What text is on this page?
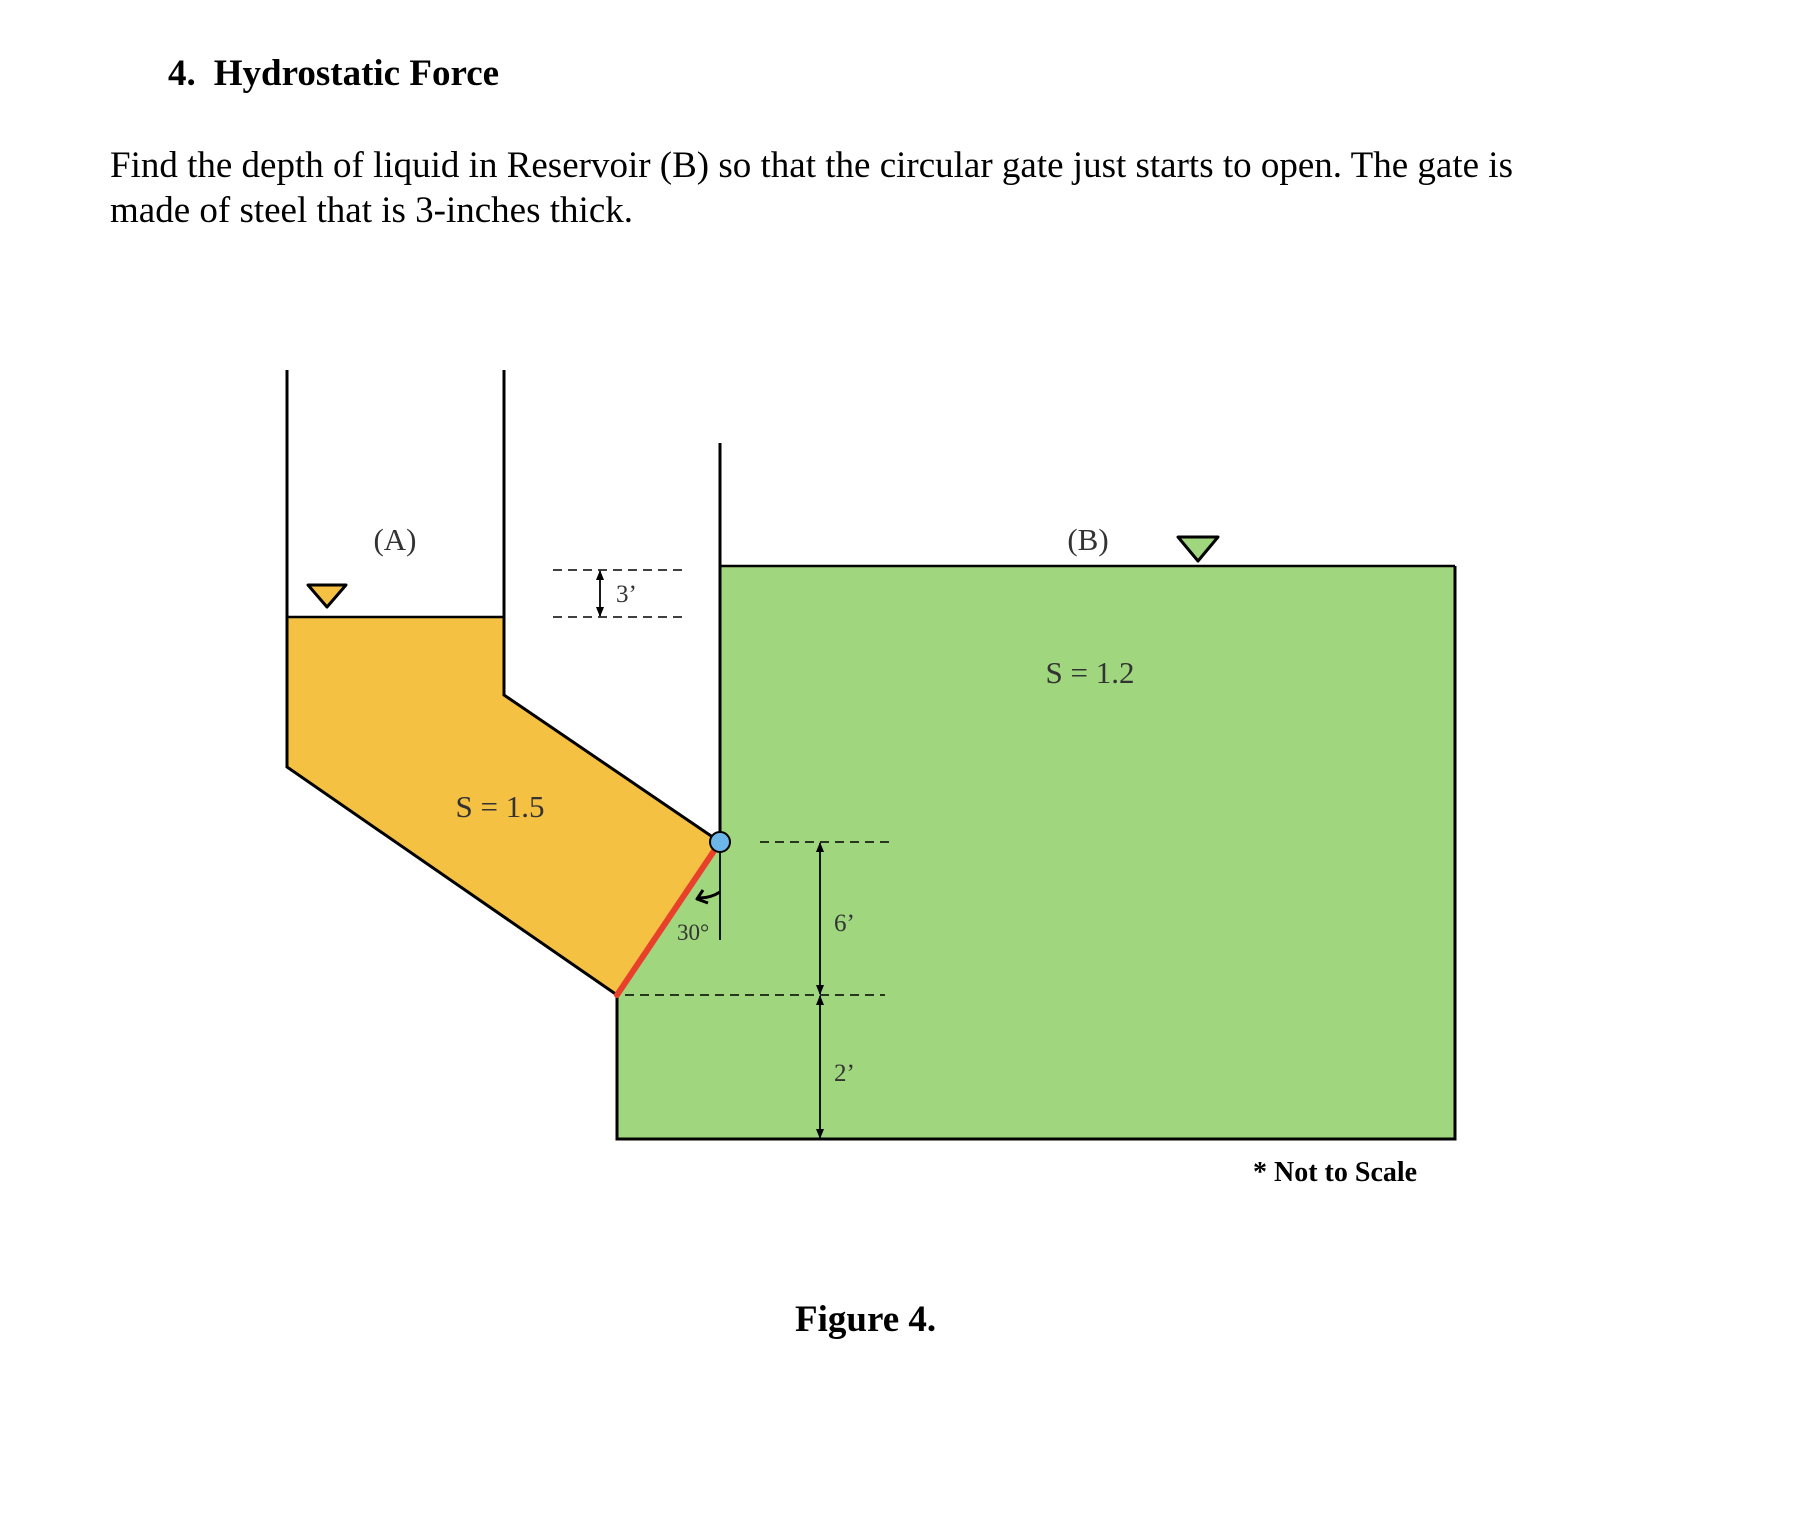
4. Hydrostatic Force

Find the depth of liquid in Reservoir (B) so that the circular gate just starts to open. The gate is

made of steel that is 3-inches thick.

(A)	(B)
S = 1.5
S = 1.2
3’
6’
2’
30°
* Not to Scale
Figure 4.
